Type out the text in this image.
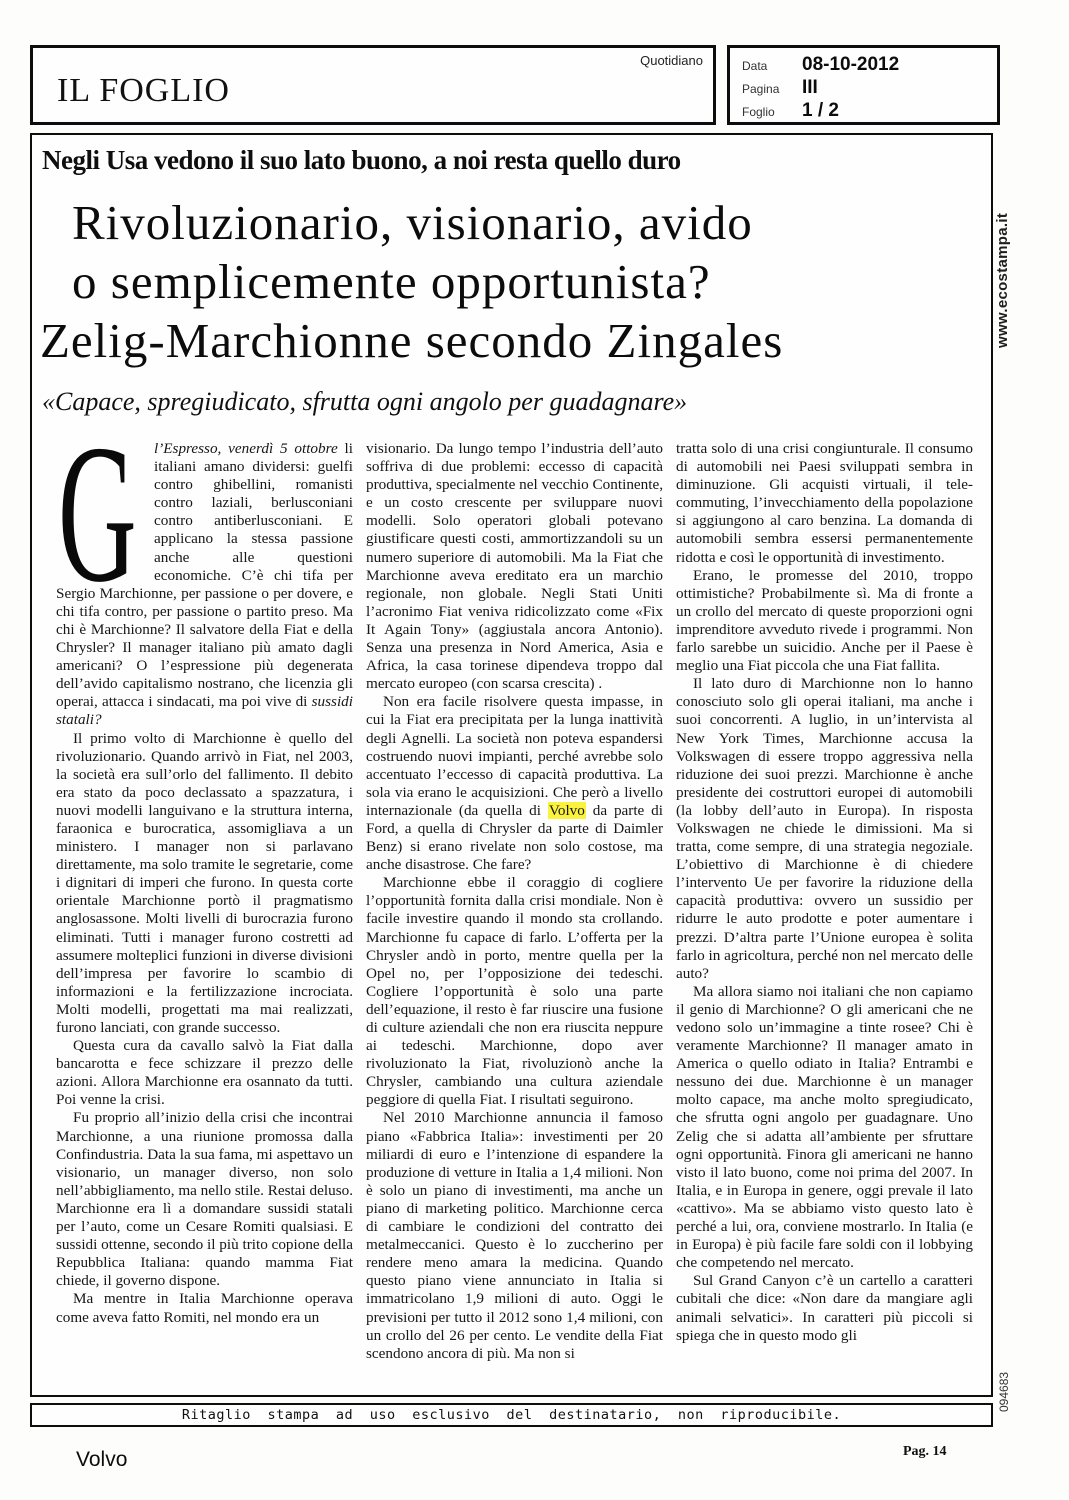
IL FOGLIO
Quotidiano	Data	08-10-2012
Pagina	III
Foglio	1 / 2
Negli Usa vedono il suo lato buono, a noi resta quello duro
Rivoluzionario, visionario, avido
o semplicemente opportunista?
Zelig-Marchionne secondo Zingales
«Capace, spregiudicato, sfrutta ogni angolo per guadagnare»

G	l’Espresso, venerdì 5 ottobre li italiani amano dividersi: guelfi contro ghibellini, romanisti contro laziali, berlusconiani contro antiberlusconiani. E applicano la stessa passione anche alle questioni economiche. C’è chi tifa per Sergio Marchionne, per passione o per dovere, e chi tifa contro, per passione o partito preso. Ma chi è Marchionne? Il salvatore della Fiat e della Chrysler? Il manager italiano più amato dagli americani? O l’espressione più degenerata dell’avido capitalismo nostrano, che licenzia gli operai, attacca i sindacati, ma poi vive di sussidi statali?

Il primo volto di Marchionne è quello del rivoluzionario. Quando arrivò in Fiat, nel 2003, la società era sull’orlo del fallimento. Il debito era stato da poco declassato a spazzatura, i nuovi modelli languivano e la struttura interna, faraonica e burocratica, assomigliava a un ministero. I manager non si parlavano direttamente, ma solo tramite le segretarie, come i dignitari di imperi che furono. In questa corte orientale Marchionne portò il pragmatismo anglosassone. Molti livelli di burocrazia furono eliminati. Tutti i manager furono costretti ad assumere molteplici funzioni in diverse divisioni dell’impresa per favorire lo scambio di informazioni e la fertilizzazione incrociata. Molti modelli, progettati ma mai realizzati, furono lanciati, con grande successo.

Questa cura da cavallo salvò la Fiat dalla bancarotta e fece schizzare il prezzo delle azioni. Allora Marchionne era osannato da tutti. Poi venne la crisi.

Fu proprio all’inizio della crisi che incontrai Marchionne, a una riunione promossa dalla Confindustria. Data la sua fama, mi aspettavo un visionario, un manager diverso, non solo nell’abbigliamento, ma nello stile. Restai deluso. Marchionne era lì a domandare sussidi statali per l’auto, come un Cesare Romiti qualsiasi. E sussidi ottenne, secondo il più trito copione della Repubblica Italiana: quando mamma Fiat chiede, il governo dispone.

Ma mentre in Italia Marchionne operava come aveva fatto Romiti, nel mondo era un

visionario. Da lungo tempo l’industria dell’auto soffriva di due problemi: eccesso di capacità produttiva, specialmente nel vecchio Continente, e un costo crescente per sviluppare nuovi modelli. Solo operatori globali potevano giustificare questi costi, ammortizzandoli su un numero superiore di automobili. Ma la Fiat che Marchionne aveva ereditato era un marchio regionale, non globale. Negli Stati Uniti l’acronimo Fiat veniva ridicolizzato come «Fix It Again Tony» (aggiustala ancora Antonio). Senza una presenza in Nord America, Asia e Africa, la casa torinese dipendeva troppo dal mercato europeo (con scarsa crescita) .

Non era facile risolvere questa impasse, in cui la Fiat era precipitata per la lunga inattività degli Agnelli. La società non poteva espandersi costruendo nuovi impianti, perché avrebbe solo accentuato l’eccesso di capacità produttiva. La sola via erano le acquisizioni. Che però a livello internazionale (da quella di Volvo da parte di Ford, a quella di Chrysler da parte di Daimler Benz) si erano rivelate non solo costose, ma anche disastrose. Che fare?

Marchionne ebbe il coraggio di cogliere l’opportunità fornita dalla crisi mondiale. Non è facile investire quando il mondo sta crollando. Marchionne fu capace di farlo. L’offerta per la Chrysler andò in porto, mentre quella per la Opel no, per l’opposizione dei tedeschi. Cogliere l’opportunità è solo una parte dell’equazione, il resto è far riuscire una fusione di culture aziendali che non era riuscita neppure ai tedeschi. Marchionne, dopo aver rivoluzionato la Fiat, rivoluzionò anche la Chrysler, cambiando una cultura aziendale peggiore di quella Fiat. I risultati seguirono.

Nel 2010 Marchionne annuncia il famoso piano «Fabbrica Italia»: investimenti per 20 miliardi di euro e l’intenzione di espandere la produzione di vetture in Italia a 1,4 milioni. Non è solo un piano di investimenti, ma anche un piano di marketing politico. Marchionne cerca di cambiare le condizioni del contratto dei metalmeccanici. Questo è lo zuccherino per rendere meno amara la medicina. Quando questo piano viene annunciato in Italia si immatricolano 1,9 milioni di auto. Oggi le previsioni per tutto il 2012 sono 1,4 milioni, con un crollo del 26 per cento. Le vendite della Fiat scendono ancora di più. Ma non si

tratta solo di una crisi congiunturale. Il consumo di automobili nei Paesi sviluppati sembra in diminuzione. Gli acquisti virtuali, il tele-commuting, l’invecchiamento della popolazione si aggiungono al caro benzina. La domanda di automobili sembra essersi permanentemente ridotta e così le opportunità di investimento.

Erano, le promesse del 2010, troppo ottimistiche? Probabilmente sì. Ma di fronte a un crollo del mercato di queste proporzioni ogni imprenditore avveduto rivede i programmi. Non farlo sarebbe un suicidio. Anche per il Paese è meglio una Fiat piccola che una Fiat fallita.

Il lato duro di Marchionne non lo hanno conosciuto solo gli operai italiani, ma anche i suoi concorrenti. A luglio, in un’intervista al New York Times, Marchionne accusa la Volkswagen di essere troppo aggressiva nella riduzione dei suoi prezzi. Marchionne è anche presidente dei costruttori europei di automobili (la lobby dell’auto in Europa). In risposta Volkswagen ne chiede le dimissioni. Ma si tratta, come sempre, di una strategia negoziale. L’obiettivo di Marchionne è di chiedere l’intervento Ue per favorire la riduzione della capacità produttiva: ovvero un sussidio per ridurre le auto prodotte e poter aumentare i prezzi. D’altra parte l’Unione europea è solita farlo in agricoltura, perché non nel mercato delle auto?

Ma allora siamo noi italiani che non capiamo il genio di Marchionne? O gli americani che ne vedono solo un’immagine a tinte rosee? Chi è veramente Marchionne? Il manager amato in America o quello odiato in Italia? Entrambi e nessuno dei due. Marchionne è un manager molto capace, ma anche molto spregiudicato, che sfrutta ogni angolo per guadagnare. Uno Zelig che si adatta all’ambiente per sfruttare ogni opportunità. Finora gli americani ne hanno visto il lato buono, come noi prima del 2007. In Italia, e in Europa in genere, oggi prevale il lato «cattivo». Ma se abbiamo visto questo lato è perché a lui, ora, conviene mostrarlo. In Italia (e in Europa) è più facile fare soldi con il lobbying che competendo nel mercato.

Sul Grand Canyon c’è un cartello a caratteri cubitali che dice: «Non dare da mangiare agli animali selvatici». In caratteri più piccoli si spiega che in questo modo gli

www.ecostampa.it
094683
Ritaglio stampa ad uso esclusivo del destinatario, non riproducibile.
Volvo	Pag. 14
